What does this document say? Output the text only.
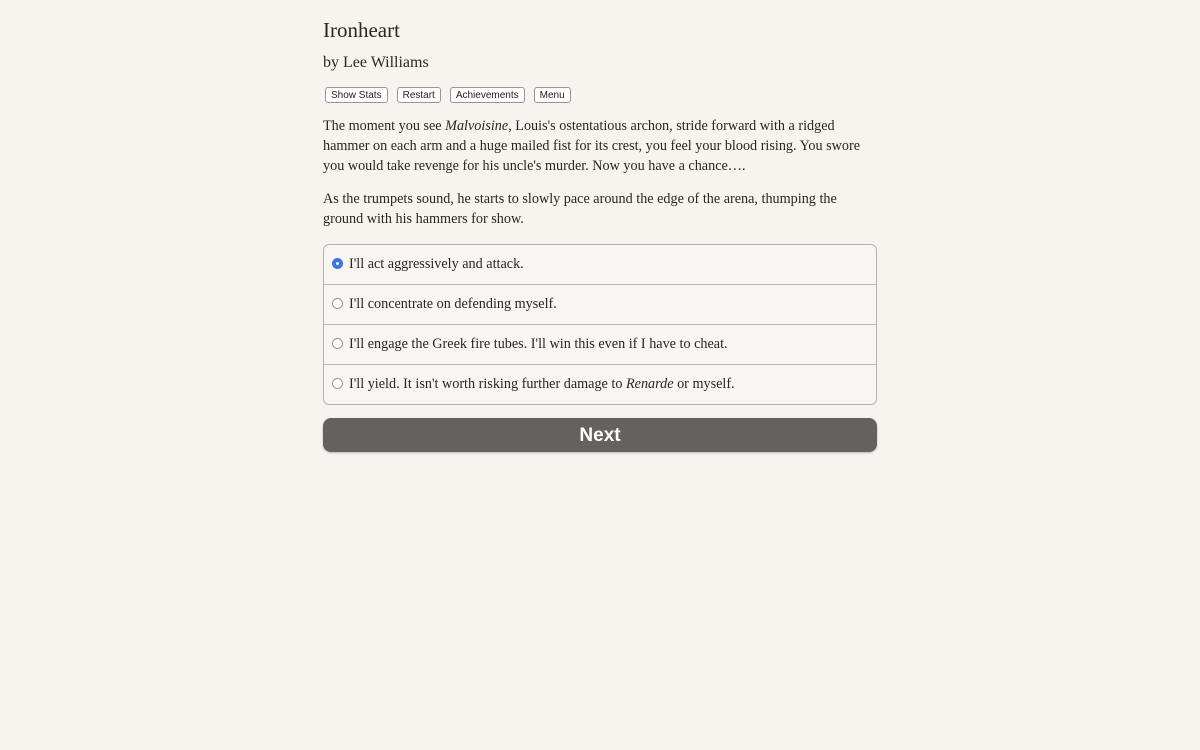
Ironheart
by Lee Williams
Show Stats	Restart	Achievements	Menu

The moment you see Malvoisine, Louis's ostentatious archon, stride forward with a ridged hammer on each arm and a huge mailed fist for its crest, you feel your blood rising. You swore you would take revenge for his uncle's murder. Now you have a chance….

As the trumpets sound, he starts to slowly pace around the edge of the arena, thumping the ground with his hammers for show.

I'll act aggressively and attack.
I'll concentrate on defending myself.
I'll engage the Greek fire tubes. I'll win this even if I have to cheat.
I'll yield. It isn't worth risking further damage to Renarde or myself.
Next
